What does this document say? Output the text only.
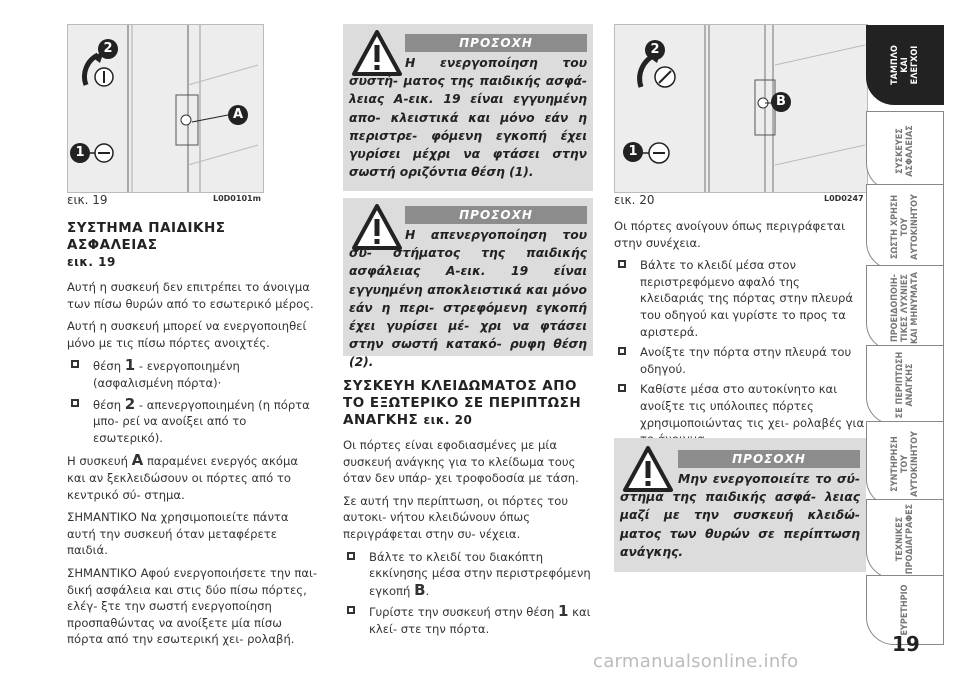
2
1
A
εικ. 19	L0D0101m
ΣΥΣΤΗΜΑ ΠΑΙΔΙΚΗΣ ΑΣΦΑΛΕΙΑΣ
εικ. 19

Αυτή η συσκευή δεν επιτρέπει το άνοιγμα των πίσω θυρών από το εσωτερικό μέρος.

Αυτή η συσκευή μπορεί να ενεργοποιηθεί μόνο με τις πίσω πόρτες ανοιχτές.

θέση 1 - ενεργοποιημένη (ασφαλισμένη πόρτα)·
θέση 2 - απενεργοποιημένη (η πόρτα μπο- ρεί να ανοίξει από το εσωτερικό).

Η συσκευή A παραμένει ενεργός ακόμα και αν ξεκλειδώσουν οι πόρτες από το κεντρικό σύ- στημα.

ΣΗΜΑΝΤΙΚΟ Να χρησιμοποιείτε πάντα αυτή την συσκευή όταν μεταφέρετε παιδιά.

ΣΗΜΑΝΤΙΚΟ Αφού ενεργοποιήσετε την παι- δική ασφάλεια και στις δύο πίσω πόρτες, ελέγ- ξτε την σωστή ενεργοποίηση προσπαθώντας να ανοίξετε μία πίσω πόρτα από την εσωτερική χει- ρολαβή.

ΠΡΟΣΟΧΗ
Η ενεργοποίηση του συστή- ματος της παιδικής ασφά- λειας A-εικ. 19 είναι εγγυημένη απο- κλειστικά και μόνο εάν η περιστρε- φόμενη εγκοπή έχει γυρίσει μέχρι να φτάσει στην σωστή οριζόντια θέση (1).
ΠΡΟΣΟΧΗ
Η απενεργοποίηση του συ- στήματος της παιδικής ασφάλειας A-εικ. 19 είναι εγγυημένη αποκλειστικά και μόνο εάν η περι- στρεφόμενη εγκοπή έχει γυρίσει μέ- χρι να φτάσει στην σωστή κατακό- ρυφη θέση (2).
ΣΥΣΚΕΥΗ ΚΛΕΙΔΩΜΑΤΟΣ ΑΠΟ ΤΟ ΕΞΩΤΕΡΙΚΟ ΣΕ ΠΕΡΙΠΤΩΣΗ ΑΝΑΓΚΗΣ εικ. 20

Οι πόρτες είναι εφοδιασμένες με μία συσκευή ανάγκης για το κλείδωμα τους όταν δεν υπάρ- χει τροφοδοσία με τάση.

Σε αυτή την περίπτωση, οι πόρτες του αυτοκι- νήτου κλειδώνουν όπως περιγράφεται στην συ- νέχεια.

Βάλτε το κλειδί του διακόπτη εκκίνησης μέσα στην περιστρεφόμενη εγκοπή B.
Γυρίστε την συσκευή στην θέση 1 και κλεί- στε την πόρτα.
2
1
B
εικ. 20	L0D0247

Οι πόρτες ανοίγουν όπως περιγράφεται στην συνέχεια.

Βάλτε το κλειδί μέσα στον περιστρεφόμενο αφαλό της κλειδαριάς της πόρτας στην πλευρά του οδηγού και γυρίστε το προς τα αριστερά.
Ανοίξτε την πόρτα στην πλευρά του οδηγού.
Καθίστε μέσα στο αυτοκίνητο και ανοίξτε τις υπόλοιπες πόρτες χρησιμοποιώντας τις χει- ρολαβές για
ΠΡΟΣΟΧΗ
Μην ενεργοποιείτε το σύ- στημα της παιδικής ασφά- λειας μαζί με την συσκευή κλειδώ- ματος των θυρών σε περίπτωση ανάγκης.
ΤΑΜΠΛΟ
ΚΑΙ
ΕΛΕΓΧΟΙ
ΣΥΣΚΕΥΕΣ
ΑΣΦΑΛΕΙΑΣ
ΣΩΣΤΗ ΧΡΗΣΗ
ΤΟΥ
ΑΥΤΟΚΙΝΗΤΟΥ
ΠΡΟΕΙΔΟΠΟΙΗ-
ΤΙΚΕΣ ΛΥΧΝΙΕΣ
ΚΑΙ ΜΗΝΥΜΑΤΑ
ΣΕ ΠΕΡΙΠΤΩΣΗ
ΑΝΑΓΚΗΣ
ΣΥΝΤΗΡΗΣΗ
ΤΟΥ
ΑΥΤΟΚΙΝΗΤΟΥ
ΤΕΧΝΙΚΕΣ
ΠΡΟΔΙΑΓΡΑΦΕΣ
ΕΥΡΕΤΗΡΙΟ
19
carmanualsonline.info
